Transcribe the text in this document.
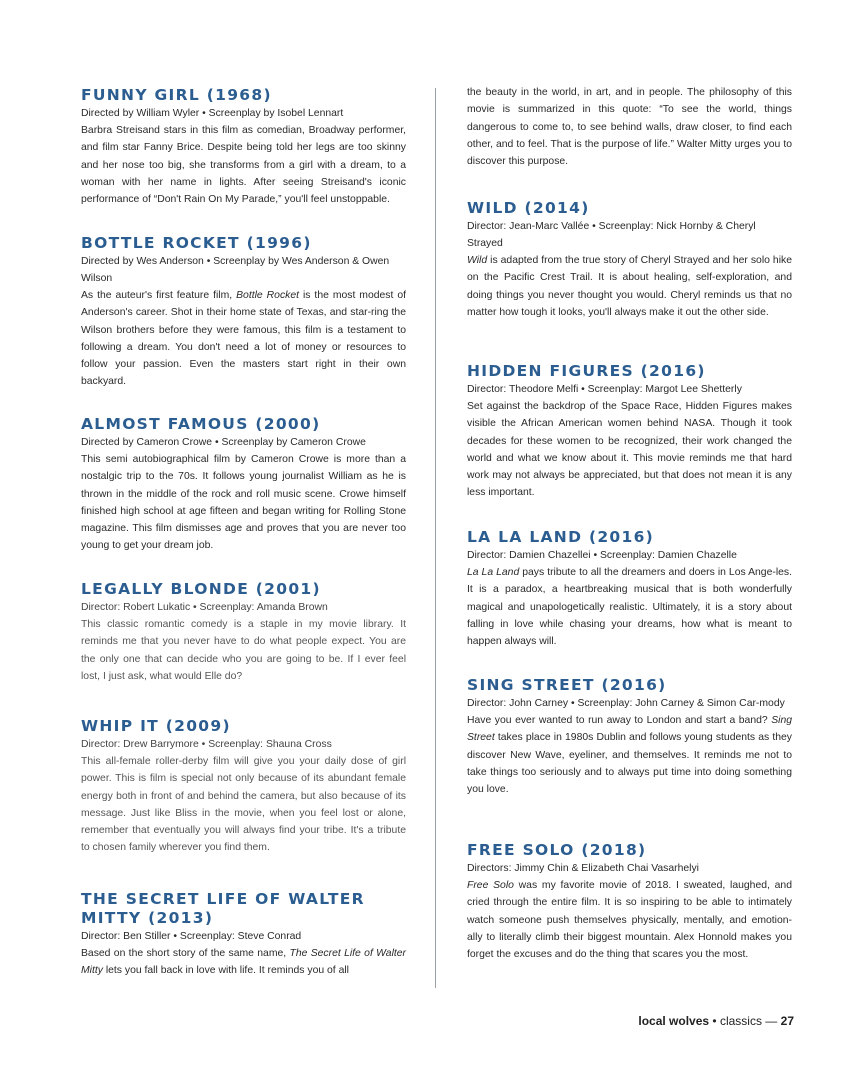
FUNNY GIRL (1968)
Directed by William Wyler • Screenplay by Isobel Lennart

Barbra Streisand stars in this film as comedian, Broadway performer, and film star Fanny Brice. Despite being told her legs are too skinny and her nose too big, she transforms from a girl with a dream, to a woman with her name in lights. After seeing Streisand's iconic performance of “Don't Rain On My Parade,” you'll feel unstoppable.

BOTTLE ROCKET (1996)
Directed by Wes Anderson • Screenplay by Wes Anderson & Owen Wilson

As the auteur's first feature film, Bottle Rocket is the most modest of Anderson's career. Shot in their home state of Texas, and star-ring the Wilson brothers before they were famous, this film is a testament to following a dream. You don't need a lot of money or resources to follow your passion. Even the masters start right in their own backyard.

ALMOST FAMOUS (2000)
Directed by Cameron Crowe • Screenplay by Cameron Crowe

This semi autobiographical film by Cameron Crowe is more than a nostalgic trip to the 70s. It follows young journalist William as he is thrown in the middle of the rock and roll music scene. Crowe himself finished high school at age fifteen and began writing for Rolling Stone magazine. This film dismisses age and proves that you are never too young to get your dream job.

LEGALLY BLONDE (2001)
Director: Robert Lukatic • Screenplay: Amanda Brown

This classic romantic comedy is a staple in my movie library. It reminds me that you never have to do what people expect. You are the only one that can decide who you are going to be. If I ever feel lost, I just ask, what would Elle do?

WHIP IT (2009)
Director: Drew Barrymore • Screenplay: Shauna Cross

This all-female roller-derby film will give you your daily dose of girl power. This is film is special not only because of its abundant female energy both in front of and behind the camera, but also because of its message. Just like Bliss in the movie, when you feel lost or alone, remember that eventually you will always find your tribe. It's a tribute to chosen family wherever you find them.

THE SECRET LIFE OF WALTER MITTY (2013)
Director: Ben Stiller • Screenplay: Steve Conrad

Based on the short story of the same name, The Secret Life of Walter Mitty lets you fall back in love with life. It reminds you of all

the beauty in the world, in art, and in people. The philosophy of this movie is summarized in this quote: “To see the world, things dangerous to come to, to see behind walls, draw closer, to find each other, and to feel. That is the purpose of life.” Walter Mitty urges you to discover this purpose.

WILD (2014)
Director: Jean-Marc Vallée • Screenplay: Nick Hornby & Cheryl Strayed

Wild is adapted from the true story of Cheryl Strayed and her solo hike on the Pacific Crest Trail. It is about healing, self-exploration, and doing things you never thought you would. Cheryl reminds us that no matter how tough it looks, you'll always make it out the other side.

HIDDEN FIGURES (2016)
Director: Theodore Melfi • Screenplay: Margot Lee Shetterly

Set against the backdrop of the Space Race, Hidden Figures makes visible the African American women behind NASA. Though it took decades for these women to be recognized, their work changed the world and what we know about it. This movie reminds me that hard work may not always be appreciated, but that does not mean it is any less important.

LA LA LAND (2016)
Director: Damien Chazellei • Screenplay: Damien Chazelle

La La Land pays tribute to all the dreamers and doers in Los Ange-les. It is a paradox, a heartbreaking musical that is both wonderfully magical and unapologetically realistic. Ultimately, it is a story about falling in love while chasing your dreams, how what is meant to happen always will.

SING STREET (2016)
Director: John Carney • Screenplay: John Carney & Simon Car-mody

Have you ever wanted to run away to London and start a band? Sing Street takes place in 1980s Dublin and follows young students as they discover New Wave, eyeliner, and themselves. It reminds me not to take things too seriously and to always put time into doing something you love.

FREE SOLO (2018)
Directors: Jimmy Chin & Elizabeth Chai Vasarhelyi

Free Solo was my favorite movie of 2018. I sweated, laughed, and cried through the entire film. It is so inspiring to be able to intimately watch someone push themselves physically, mentally, and emotion-ally to literally climb their biggest mountain. Alex Honnold makes you forget the excuses and do the thing that scares you the most.

local wolves • classics — 27
